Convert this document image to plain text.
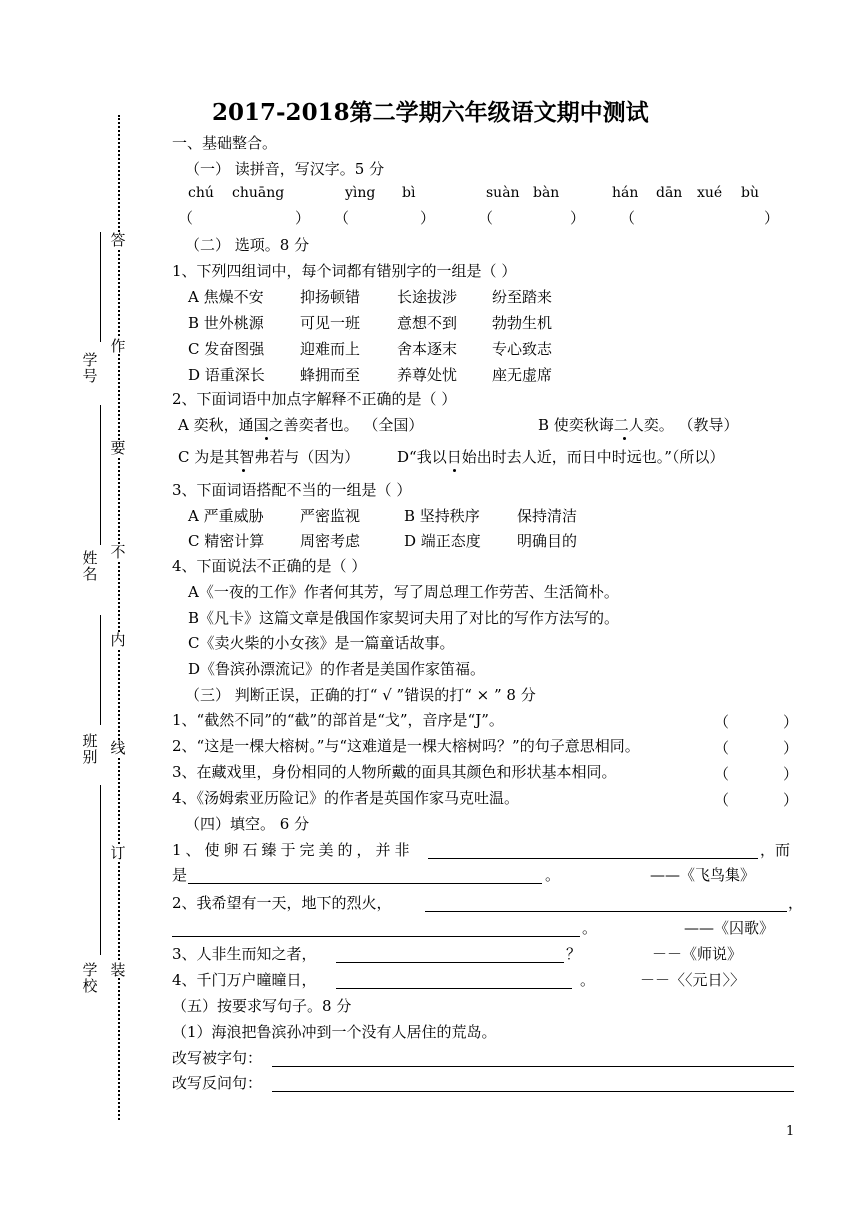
答
作
要
不
内
线
订
装
学号
姓名
班别
学校
2017-2018第二学期六年级语文期中测试
一、基础整合。
（一） 读拼音，写汉字。5 分
chú chuāng	yìng bì	suàn bàn	hán dān xué bù
（	） （	）	（	） （	）
（二） 选项。8 分
1、下列四组词中，每个词都有错别字的一组是（ ）
A 焦燥不安 抑扬顿错 长途拔涉 纷至踏来
B 世外桃源 可见一班 意想不到 勃勃生机
C 发奋图强 迎难而上 舍本逐末 专心致志
D 语重深长 蜂拥而至 养尊处忧 座无虚席
2、下面词语中加点字解释不正确的是（ ）
A 奕秋，通国之善奕者也。 （全国）	B 使奕秋诲二人奕。 （教导）
C 为是其智弗若与（因为）	D“我以日始出时去人近，而日中时远也。”（所以）
3、下面词语搭配不当的一组是（ ）
A 严重威胁 严密监视	B 坚持秩序 保持清洁
C 精密计算 周密考虑	D 端正态度 明确目的
4、下面说法不正确的是（ ）
A《一夜的工作》作者何其芳，写了周总理工作劳苦、生活简朴。
B《凡卡》这篇文章是俄国作家契诃夫用了对比的写作方法写的。
C《卖火柴的小女孩》是一篇童话故事。
D《鲁滨孙漂流记》的作者是美国作家笛福。
（三） 判断正误，正确的打“ √ ”错误的打“ × ” 8 分
1、“截然不同”的“截”的部首是“戈”，音序是“J”。	（	）
2、“这是一棵大榕树。”与“这难道是一棵大榕树吗？”的句子意思相同。	（	）
3、在藏戏里，身份相同的人物所戴的面具其颜色和形状基本相同。	（	）
4、《汤姆索亚历险记》的作者是英国作家马克吐温。	（	）
（四）填空。 6 分
1、使卵石臻于完美的，并非	，而
是	。	——《飞鸟集》
2、我希望有一天，地下的烈火，	，
。	——《囚歌》
3、人非生而知之者，	？	－－《师说》
4、千门万户曈曈日，	。	－－〈〈元日〉〉
（五）按要求写句子。8 分
（1）海浪把鲁滨孙冲到一个没有人居住的荒岛。
改写被字句：
改写反问句：
1
